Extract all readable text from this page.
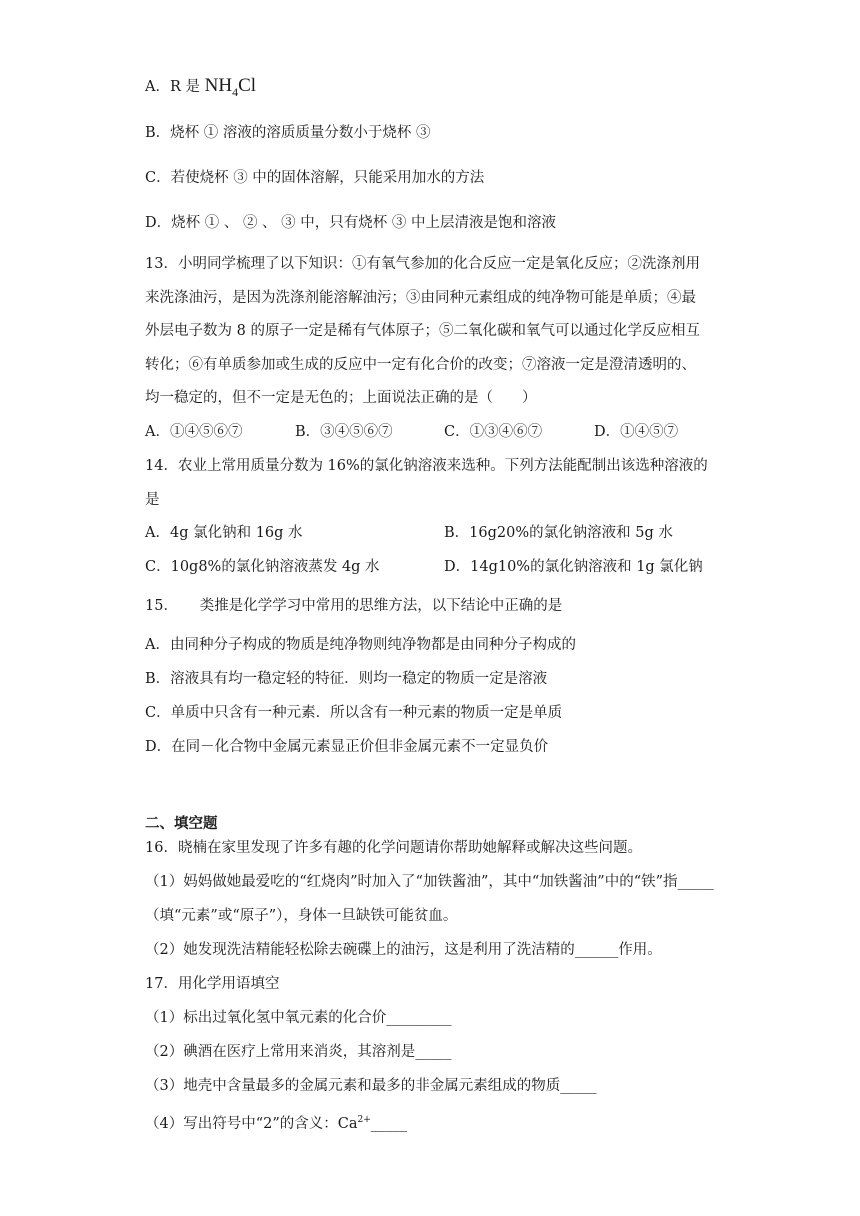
A．R 是 $NH_4Cl$
B．烧杯 ① 溶液的溶质质量分数小于烧杯 ③
C．若使烧杯 ③ 中的固体溶解，只能采用加水的方法
D．烧杯 ① 、 ② 、 ③ 中，只有烧杯 ③ 中上层清液是饱和溶液
13．小明同学梳理了以下知识：①有氧气参加的化合反应一定是氧化反应；②洗涤剂用
来洗涤油污，是因为洗涤剂能溶解油污；③由同种元素组成的纯净物可能是单质；④最
外层电子数为 8 的原子一定是稀有气体原子；⑤二氧化碳和氧气可以通过化学反应相互
转化；⑥有单质参加或生成的反应中一定有化合价的改变；⑦溶液一定是澄清透明的、
均一稳定的，但不一定是无色的；上面说法正确的是（　　）
A．①④⑤⑥⑦	B．③④⑤⑥⑦	C．①③④⑥⑦	D．①④⑤⑦
14．农业上常用质量分数为 16%的氯化钠溶液来选种。下列方法能配制出该选种溶液的
是
A．4g 氯化钠和 16g 水	B．16g20%的氯化钠溶液和 5g 水
C．10g8%的氯化钠溶液蒸发 4g 水	D．14g10%的氯化钠溶液和 1g 氯化钠
15．　　类推是化学学习中常用的思维方法，以下结论中正确的是
A．由同种分子构成的物质是纯净物则纯净物都是由同种分子构成的
B．溶液具有均一稳定轻的特征．则均一稳定的物质一定是溶液
C．单质中只含有一种元素．所以含有一种元素的物质一定是单质
D．在同－化合物中金属元素显正价但非金属元素不一定显负价
二、填空题
16．晓楠在家里发现了许多有趣的化学问题请你帮助她解释或解决这些问题。
（1）妈妈做她最爱吃的“红烧肉”时加入了“加铁酱油”，其中“加铁酱油”中的“铁”指_____
（填“元素”或“原子”），身体一旦缺铁可能贫血。
（2）她发现洗洁精能轻松除去碗碟上的油污，这是利用了洗洁精的______作用。
17．用化学用语填空
（1）标出过氧化氢中氧元素的化合价_________
（2）碘酒在医疗上常用来消炎，其溶剂是_____
（3）地壳中含量最多的金属元素和最多的非金属元素组成的物质_____
（4）写出符号中“2”的含义：$Ca^{2+}\_\_\_\_\_$
